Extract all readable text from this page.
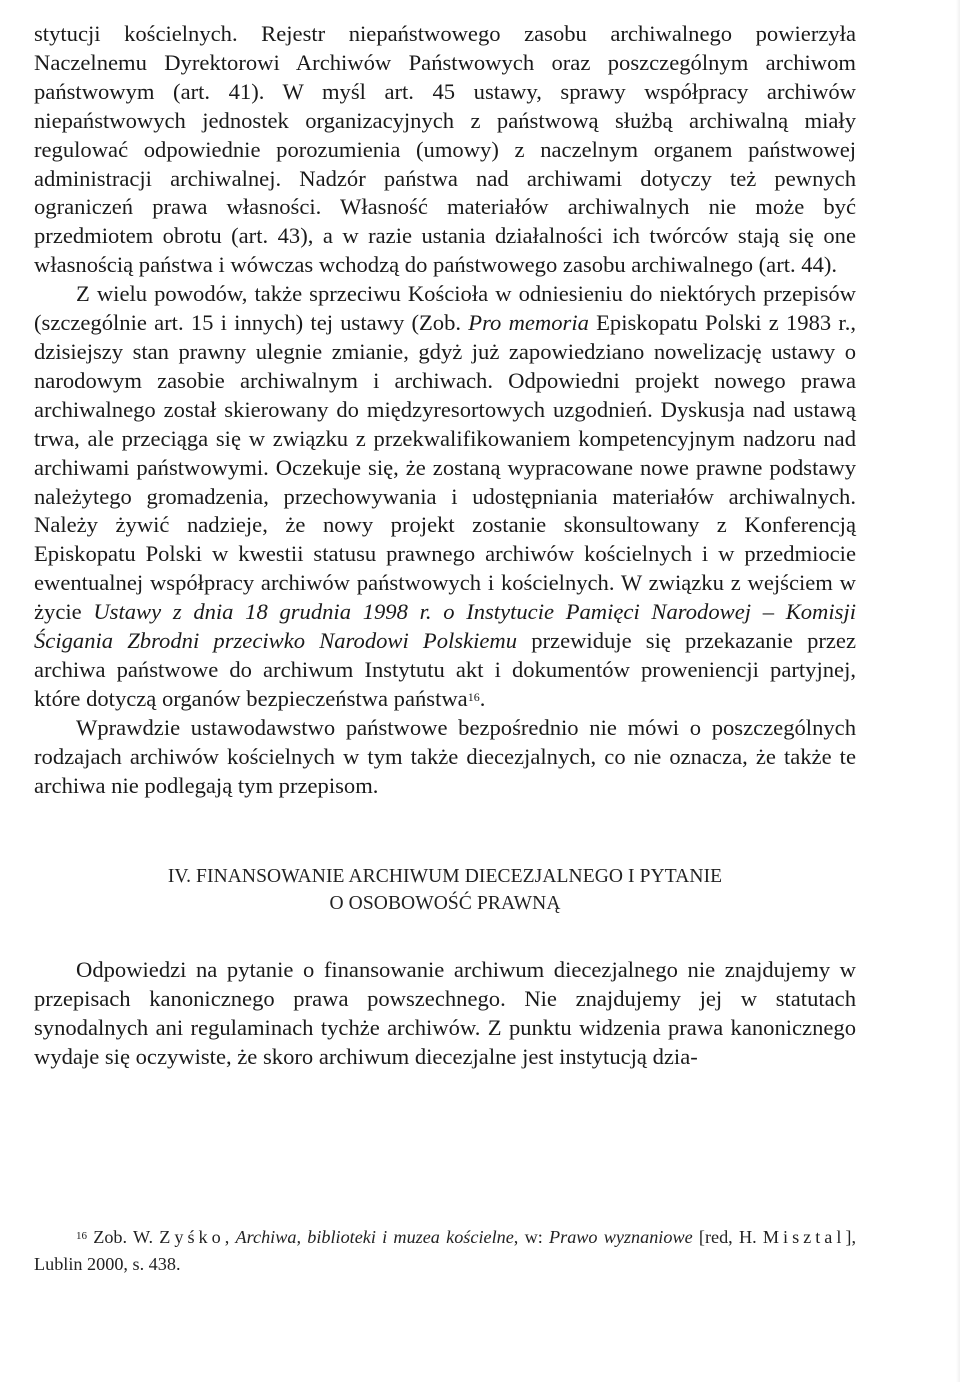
stytucji kościelnych. Rejestr niepaństwowego zasobu archiwalnego powierzyła Naczelnemu Dyrektorowi Archiwów Państwowych oraz poszczególnym archiwom państwowym (art. 41). W myśl art. 45 ustawy, sprawy współpracy archiwów niepaństwowych jednostek organizacyjnych z państwową służbą archiwalną miały regulować odpowiednie porozumienia (umowy) z naczelnym organem państwowej administracji archiwalnej. Nadzór państwa nad archiwami dotyczy też pewnych ograniczeń prawa własności. Własność materiałów archiwalnych nie może być przedmiotem obrotu (art. 43), a w razie ustania działalności ich twórców stają się one własnością państwa i wówczas wchodzą do państwowego zasobu archiwalnego (art. 44).

Z wielu powodów, także sprzeciwu Kościoła w odniesieniu do niektórych przepisów (szczególnie art. 15 i innych) tej ustawy (Zob. Pro memoria Episkopatu Polski z 1983 r., dzisiejszy stan prawny ulegnie zmianie, gdyż już zapowiedziano nowelizację ustawy o narodowym zasobie archiwalnym i archiwach. Odpowiedni projekt nowego prawa archiwalnego został skierowany do międzyresortowych uzgodnień. Dyskusja nad ustawą trwa, ale przeciąga się w związku z przekwalifikowaniem kompetencyjnym nadzoru nad archiwami państwowymi. Oczekuje się, że zostaną wypracowane nowe prawne podstawy należytego gromadzenia, przechowywania i udostępniania materiałów archiwalnych. Należy żywić nadzieje, że nowy projekt zostanie skonsultowany z Konferencją Episkopatu Polski w kwestii statusu prawnego archiwów kościelnych i w przedmiocie ewentualnej współpracy archiwów państwowych i kościelnych. W związku z wejściem w życie Ustawy z dnia 18 grudnia 1998 r. o Instytucie Pamięci Narodowej – Komisji Ścigania Zbrodni przeciwko Narodowi Polskiemu przewiduje się przekazanie przez archiwa państwowe do archiwum Instytutu akt i dokumentów proweniencji partyjnej, które dotyczą organów bezpieczeństwa państwa$^{16}$.

Wprawdzie ustawodawstwo państwowe bezpośrednio nie mówi o poszczególnych rodzajach archiwów kościelnych w tym także diecezjalnych, co nie oznacza, że także te archiwa nie podlegają tym przepisom.

IV. FINANSOWANIE ARCHIWUM DIECEZJALNEGO I PYTANIE

O OSOBOWOŚĆ PRAWNĄ

Odpowiedzi na pytanie o finansowanie archiwum diecezjalnego nie znajdujemy w przepisach kanonicznego prawa powszechnego. Nie znajdujemy jej w statutach synodalnych ani regulaminach tychże archiwów. Z punktu widzenia prawa kanonicznego wydaje się oczywiste, że skoro archiwum diecezjalne jest instytucją dzia-

$^{16}$ Zob. W. Zyśko, Archiwa, biblioteki i muzea kościelne, w: Prawo wyznaniowe [red, H. Misztal], Lublin 2000, s. 438.
